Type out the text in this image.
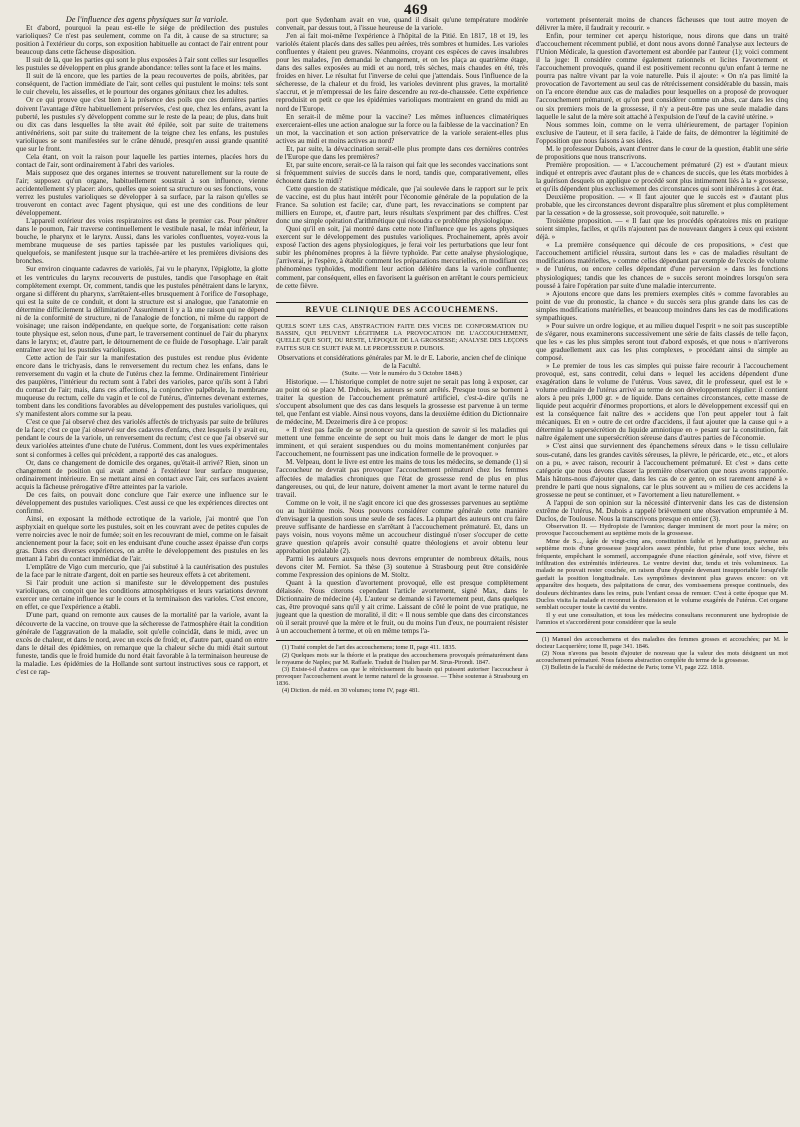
469

De l'influence des agens physiques sur la variole.

Et d'abord, pourquoi la peau est-elle le siége de prédilection des pustules varioliques? Ce n'est pas seulement, comme on l'a dit, à cause de sa structure; sa position à l'extérieur du corps, son exposition habituelle au contact de l'air entrent pour beaucoup dans cette fâcheuse disposition.

Il suit de là, que les parties qui sont le plus exposées à l'air sont celles sur lesquelles les pustules se développent en plus grande abondance: telles sont la face et les mains.

Il suit de là encore, que les parties de la peau recouvertes de poils, abritées, par conséquent, de l'action immédiate de l'air, sont celles qui pustulent le moins: tels sont le cuir chevelu, les aisselles, et le pourtour des organes génitaux chez les adultes.

Or ce qui prouve que c'est bien à la présence des poils que ces dernières parties doivent l'avantage d'être habituellement préservées, c'est que, chez les enfans, avant la puberté, les pustules s'y développent comme sur le reste de la peau; de plus, dans huit ou dix cas dans lesquelles la tête avait été épilée, soit par suite de traitemens antivénériens, soit par suite du traitement de la teigne chez les enfans, les pustules varioliques se sont manifestées sur le crâne dénudé, presqu'en aussi grande quantité que sur le front.

Cela étant, on voit la raison pour laquelle les parties internes, placées hors du contact de l'air, sont ordinairement à l'abri des varioles.

Mais supposez que des organes internes se trouvent naturellement sur la route de l'air; supposez qu'un organe, habituellement soustrait à son influence, vienne accidentellement s'y placer: alors, quelles que soient sa structure ou ses fonctions, vous verrez les pustules varioliques se développer à sa surface, par la raison qu'elles se trouveront en contact avec l'agent physique, qui est une des conditions de leur développement.

L'appareil extérieur des voies respiratoires est dans le premier cas. Pour pénétrer dans le poumon, l'air traverse continuellement le vestibule nasal, le méat inférieur, la bouche, le pharynx et le larynx. Aussi, dans les varioles confluentes, voyez-vous la membrane muqueuse de ses parties tapissée par les pustules varioliques qui, quelquefois, se manifestent jusque sur la trachée-artère et les premières divisions des bronches.

Sur environ cinquante cadavres de variolés, j'ai vu le pharynx, l'épiglotte, la glotte et les ventricules du larynx recouverts de pustules, tandis que l'œsophage en était complétement exempt. Or, comment, tandis que les pustules pénétraient dans le larynx, organe si différent du pharynx, s'arrêtaient-elles brusquement à l'orifice de l'œsophage, qui est la suite de ce conduit, et dont la structure est si analogue, que l'anatomie en détermine difficilement la délimitation? Assurément il y a là une raison qui ne dépend ni de la conformité de structure, ni de l'analogie de fonction, ni même du rapport de voisinage; une raison indépendante, en quelque sorte, de l'organisation: cette raison toute physique est, selon nous, d'une part, le traversement continuel de l'air du pharynx dans le larynx; et, d'autre part, le détournement de ce fluide de l'œsophage. L'air paraît entraîner avec lui les pustules varioliques.

Cette action de l'air sur la manifestation des pustules est rendue plus évidente encore dans le trichyasis, dans le renversement du rectum chez les enfans, dans le renversement du vagin et la chute de l'utérus chez la femme. Ordinairement l'intérieur des paupières, l'intérieur du rectum sont à l'abri des varioles, parce qu'ils sont à l'abri du contact de l'air; mais, dans ces affections, la conjonctive palpébrale, la membrane muqueuse du rectum, celle du vagin et le col de l'utérus, d'internes devenant externes, tombent dans les conditions favorables au développement des pustules varioliques, qui s'y manifestent alors comme sur la peau.

C'est ce que j'ai observé chez des variolés affectés de trichyasis par suite de brûlures de la face; c'est ce que j'ai observé sur des cadavres d'enfans, chez lesquels il y avait eu, pendant le cours de la variole, un renversement du rectum; c'est ce que j'ai observé sur deux variolées atteintes d'une chute de l'utérus. Comment, dont les vues expérimentales sont si conformes à celles qui précèdent, a rapporté des cas analogues.

Or, dans ce changement de domicile des organes, qu'était-il arrivé? Rien, sinon un changement de position qui avait amené à l'extérieur leur surface muqueuse, ordinairement intérieure. En se mettant ainsi en contact avec l'air, ces surfaces avaient acquis la fâcheuse prérogative d'être atteintes par la variole.

De ces faits, on pouvait donc conclure que l'air exerce une influence sur le développement des pustules varioliques. C'est aussi ce que les expériences directes ont confirmé.

Ainsi, en exposant la méthode ectrotique de la variole, j'ai montré que l'on asphyxiait en quelque sorte les pustules, soit en les couvrant avec de petites cupules de verre noircies avec le noir de fumée; soit en les recouvrant de miel, comme on le faisait anciennement pour la face; soit en les enduisant d'une couche assez épaisse d'un corps gras. Dans ces diverses expériences, on arrête le développement des pustules en les mettant à l'abri du contact immédiat de l'air.

L'emplâtre de Vigo cum mercurio, que j'ai substitué à la cautérisation des pustules de la face par le nitrate d'argent, doit en partie ses heureux effets à cet abritement.

Si l'air produit une action si manifeste sur le développement des pustules varioliques, on conçoit que les conditions atmosphériques et leurs variations devront exercer une certaine influence sur le cours et la terminaison des varioles. C'est encore, en effet, ce que l'expérience a établi.

D'une part, quand on remonte aux causes de la mortalité par la variole, avant la découverte de la vaccine, on trouve que la sécheresse de l'atmosphère était la condition générale de l'aggravation de la maladie, soit qu'elle coïncidât, dans le midi, avec un excès de chaleur, et dans le nord, avec un excès de froid; et, d'autre part, quand on entre dans le détail des épidémies, on remarque que la chaleur sèche du midi était surtout funeste, tandis que le froid humide du nord était favorable à la terminaison heureuse de la maladie. Les épidémies de la Hollande sont surtout instructives sous ce rapport, et c'est ce rap-

port que Sydenham avait en vue, quand il disait qu'une température modérée convenait, par dessus tout, à l'issue heureuse de la variole.

J'en ai fait moi-même l'expérience à l'hôpital de la Pitié. En 1817, 18 et 19, les variolés étaient placés dans des salles peu aérées, très sombres et humides. Les varioles confluentes y étaient peu graves. Néanmoins, croyant ces espèces de caves insalubres pour les malades, j'en demandai le changement, et on les plaça au quatrième étage, dans des salles exposées au midi et au nord, très sèches, mais chaudes en été, très froides en hiver. Le résultat fut l'inverse de celui que j'attendais. Sous l'influence de la sécheresse, de la chaleur et du froid, les varioles devinrent plus graves, la mortalité s'accrut, et je m'empressai de les faire descendre au rez-de-chaussée. Cette expérience reproduisit en petit ce que les épidémies varioliques montraient en grand du midi au nord de l'Europe.

En serait-il de même pour la vaccine? Les mêmes influences climatériques exerceraient-elles une action analogue sur la force ou la faiblesse de la vaccination? En un mot, la vaccination et son action préservatrice de la variole seraient-elles plus actives au midi et moins actives au nord?

Et, par suite, la dévaccination serait-elle plus prompte dans ces dernières contrées de l'Europe que dans les premières?

Et, par suite encore, serait-ce là la raison qui fait que les secondes vaccinations sont si fréquemment suivies de succès dans le nord, tandis que, comparativement, elles échouent dans le midi?

Cette question de statistique médicale, que j'ai soulevée dans le rapport sur le prix de vaccine, est du plus haut intérêt pour l'économie générale de la population de la France. Sa solution est facile; car, d'une part, les revaccinations se comptent par milliers en Europe, et, d'autre part, leurs résultats s'expriment par des chiffres. C'est donc une simple opération d'arithmétique qui résoudra ce problème physiologique.

Quoi qu'il en soit, j'ai montré dans cette note l'influence que les agens physiques exercent sur le développement des pustules varioliques. Prochainement, après avoir exposé l'action des agens physiologiques, je ferai voir les perturbations que leur font subir les phénomènes propres à la fièvre typhoïde. Par cette analyse physiologique, j'arriverai, je l'espère, à établir comment les préparations mercurielles, en modifiant ces phénomènes typhoïdes, modifient leur action délétère dans la variole confluente; comment, par conséquent, elles en favorisent la guérison en arrêtant le cours pernicieux de cette fièvre.

REVUE CLINIQUE DES ACCOUCHEMENS.

QUELS SONT LES CAS, ABSTRACTION FAITE DES VICES DE CONFORMATION DU BASSIN, QUI PEUVENT LÉGITIMER LA PROVOCATION DE L'ACCOUCHEMENT, QUELLE QUE SOIT, DU RESTE, L'ÉPOQUE DE LA GROSSESSE; ANALYSE DES LEÇONS FAITES SUR CE SUJET PAR M. LE PROFESSEUR P. DUBOIS.

Observations et considérations générales par M. le dr E. Laborie, ancien chef de clinique de la Faculté.

(Suite. — Voir le numéro du 3 Octobre 1848.)

Historique. — L'historique complet de notre sujet ne serait pas long à exposer, car au point où se place M. Dubois, les auteurs se sont arrêtés. Presque tous se bornent à traiter la question de l'accouchement prématuré artificiel, c'est-à-dire qu'ils ne s'occupent absolument que des cas dans lesquels la grossesse est parvenue à un terme tel, que l'enfant est viable. Ainsi nous voyons, dans la deuxième édition du Dictionnaire de médecine, M. Dezeimeris dire à ce propos:

« Il n'est pas facile de se prononcer sur la question de savoir si les maladies qui mettent une femme enceinte de sept ou huit mois dans le danger de mort le plus imminent, et qui seraient suspendues ou du moins momentanément conjurées par l'accouchement, ne fournissent pas une indication formelle de le provoquer. »

M. Velpeau, dont le livre est entre les mains de tous les médecins, se demande (1) si l'accoucheur ne devrait pas provoquer l'accouchement prématuré chez les femmes affectées de maladies chroniques que l'état de grossesse rend de plus en plus dangereuses, ou qui, de leur nature, doivent amener la mort avant le terme naturel du travail.

Comme on le voit, il ne s'agit encore ici que des grossesses parvenues au septième ou au huitième mois. Nous pouvons considérer comme générale cette manière d'envisager la question sous une seule de ses faces. La plupart des auteurs ont cru faire preuve suffisante de hardiesse en s'arrêtant à l'accouchement prématuré. Et, dans un pays voisin, nous voyons même un accoucheur distingué n'oser s'occuper de cette grave question qu'après avoir consulté quatre théologiens et avoir obtenu leur approbation préalable (2).

Parmi les auteurs auxquels nous devrons emprunter de nombreux détails, nous devons citer M. Ferniot. Sa thèse (3) soutenue à Strasbourg peut être considérée comme l'expression des opinions de M. Stoltz.

Quant à la question d'avortement provoqué, elle est presque complètement délaissée. Nous citerons cependant l'article avortement, signé Max, dans le Dictionnaire de médecine (4). L'auteur se demande si l'avortement peut, dans quelques cas, être provoqué sans qu'il y ait crime. Laissant de côté le point de vue pratique, ne jugeant que la question de moralité, il dit: « Il nous semble que dans des circonstances où il serait prouvé que la mère et le fruit, ou du moins l'un d'eux, ne pourraient résister à un accouchement à terme, et où en même temps l'a-

(1) Traité complet de l'art des accouchemens; tome II, page 411. 1835.

(2) Quelques mots sur la théorie et la pratique des accouchemens provoqués prématurément dans le royaume de Naples; par M. Raffaele. Traduit de l'italien par M. Sirus-Pirondi. 1847.

(3) Existe-t-il d'autres cas que le rétrécissement du bassin qui puissent autoriser l'accoucheur à provoquer l'accouchement avant le terme naturel de la grossesse. — Thèse soutenue à Strasbourg en 1836.

(4) Diction. de méd. en 30 volumes; tome IV, page 481.

vortement présenterait moins de chances fâcheuses que tout autre moyen de délivrer la mère, il faudrait y recourir. »

Enfin, pour terminer cet aperçu historique, nous dirons que dans un traité d'accouchement récemment publié, et dont nous avons donné l'analyse aux lecteurs de l'Union Médicale, la question d'avortement est abordée par l'auteur (1); voici comment il la juge: Il considère comme également rationnels et licites l'avortement et l'accouchement provoqués, quand il est positivement reconnu qu'un enfant à terme ne pourra pas naître vivant par la voie naturelle. Puis il ajoute: « On n'a pas limité la provocation de l'avortement au seul cas de rétrécissement considérable du bassin, mais on l'a encore étendue aux cas de maladies pour lesquelles on a proposé de provoquer l'accouchement prématuré, et qu'on peut considérer comme un abus, car dans les cinq ou six premiers mois de la grossesse, il n'y a peut-être pas une seule maladie dans laquelle le salut de la mère soit attaché à l'expulsion de l'œuf de la cavité utérine. »

Nous sommes loin, comme on le verra ultérieurement, de partager l'opinion exclusive de l'auteur, et il sera facile, à l'aide de faits, de démontrer la légitimité de l'opposition que nous faisons à ses idées.

M. le professeur Dubois, avant d'entrer dans le cœur de la question, établit une série de propositions que nous transcrivons.

Première proposition. — « L'accouchement prématuré (2) est » d'autant mieux indiqué et entrepris avec d'autant plus de » chances de succès, que les états morbides à la guérison desquels on applique ce procédé sont plus intimement liés à la » grossesse, et qu'ils dépendent plus exclusivement des circonstances qui sont inhérentes à cet état.

Deuxième proposition. — « Il faut ajouter que le succès est » d'autant plus probable, que les circonstances devront disparaître plus sûrement et plus complètement par la cessation » de la grossesse, soit provoquée, soit naturelle. »

Troisième proposition. — « Il faut que les procédés opératoires mis en pratique soient simples, faciles, et qu'ils n'ajoutent pas de nouveaux dangers à ceux qui existent déjà. »

« La première conséquence qui découle de ces propositions, » c'est que l'accouchement artificiel réussira, surtout dans les » cas de maladies résultant de modifications matérielles, » comme celles dépendant par exemple de l'excès de volume » de l'utérus, ou encore celles dépendant d'une perversion » dans les fonctions physiologiques; tandis que les chances de » succès seront moindres lorsqu'on sera poussé à faire l'opération par suite d'une maladie intercurrente.

» Ajoutons encore que dans les premiers exemples cités » comme favorables au point de vue du pronostic, la chance » du succès sera plus grande dans les cas de simples modifications matérielles, et beaucoup moindres dans les cas de modifications sympathiques.

» Pour suivre un ordre logique, et au milieu duquel l'esprit » ne soit pas susceptible de s'égarer, nous examinerons successivement une série de faits classés de telle façon, que les » cas les plus simples seront tout d'abord exposés, et que nous » n'arriverons que graduellement aux cas les plus complexes, » procédant ainsi du simple au composé.

» Le premier de tous les cas simples qui puisse faire recourir à l'accouchement provoqué, est, sans contredit, celui dans » lequel les accidens dépendent d'une exagération dans le volume de l'utérus. Vous savez, dit le professeur, quel est le » volume ordinaire de l'utérus arrivé au terme de son développement régulier: il contient alors à peu près 1,000 gr. » de liquide. Dans certaines circonstances, cette masse de liquide peut acquérir d'énormes proportions, et alors le développement excessif qui en est la conséquence fait naître des » accidens que l'on peut appeler tout à fait mécaniques. Et en » outre de cet ordre d'accidens, il faut ajouter que la cause qui » a déterminé la supersécrétion du liquide amniotique en » pesant sur la constitution, fait naître également une supersécrétion séreuse dans d'autres parties de l'économie.

» C'est ainsi que surviennent des épanchemens séreux dans » le tissu cellulaire sous-cutané, dans les grandes cavités séreuses, la plèvre, le péricarde, etc., etc., et alors on a pu, » avec raison, recourir à l'accouchement prématuré. Et c'est » dans cette catégorie que nous devons classer la première observation que nous avons rapportée. Mais hâtons-nous d'ajouter que, dans les cas de ce genre, on est rarement amené à » prendre le parti que nous signalons, car le plus souvent au » milieu de ces accidens la grossesse ne peut se continuer, et » l'avortement a lieu naturellement. »

A l'appui de son opinion sur la nécessité d'intervenir dans les cas de distension extrême de l'utérus, M. Dubois a rappelé brièvement une observation empruntée à M. Duclos, de Toulouse. Nous la transcrivons presque en entier (3).

Observation II. — Hydropisie de l'amnios; danger imminent de mort pour la mère; on provoque l'accouchement au septième mois de la grossesse.

Mme de S..., âgée de vingt-cinq ans, constitution faible et lymphatique, parvenue au septième mois d'une grossesse jusqu'alors assez pénible, fut prise d'une toux sèche, très fréquente, empêchant le sommeil, accompagnée d'une réaction générale, soif vive, fièvre et infiltration des extrémités inférieures. Le ventre devint dur, tendu et très volumineux. La malade ne pouvait rester couchée, en raison d'une dyspnée devenant insupportable lorsqu'elle gardait la position longitudinale. Les symptômes devinrent plus graves encore: on vit apparaître des hoquets, des palpitations de cœur, des vomissemens presque continuels, des douleurs déchirantes dans les reins, puis l'enfant cessa de remuer. C'est à cette époque que M. Duclos visita la malade et reconnut la distension et le volume exagérés de l'utérus. Cet organe semblait occuper toute la cavité du ventre.

Il y eut une consultation, et tous les médecins consultans reconnurent une hydropisie de l'amnios et s'accordèrent pour considérer que la seule

(1) Manuel des accouchemens et des maladies des femmes grosses et accouchées; par M. le docteur Lacquerière; tome II, page 341. 1846.

(2) Nous n'avons pas besoin d'ajouter de nouveau que la valeur des mots désignent un mot accouchement prématuré. Nous faisons abstraction complète du terme de la grossesse.

(3) Bulletin de la Faculté de médecine de Paris; tome VI, page 222. 1818.
